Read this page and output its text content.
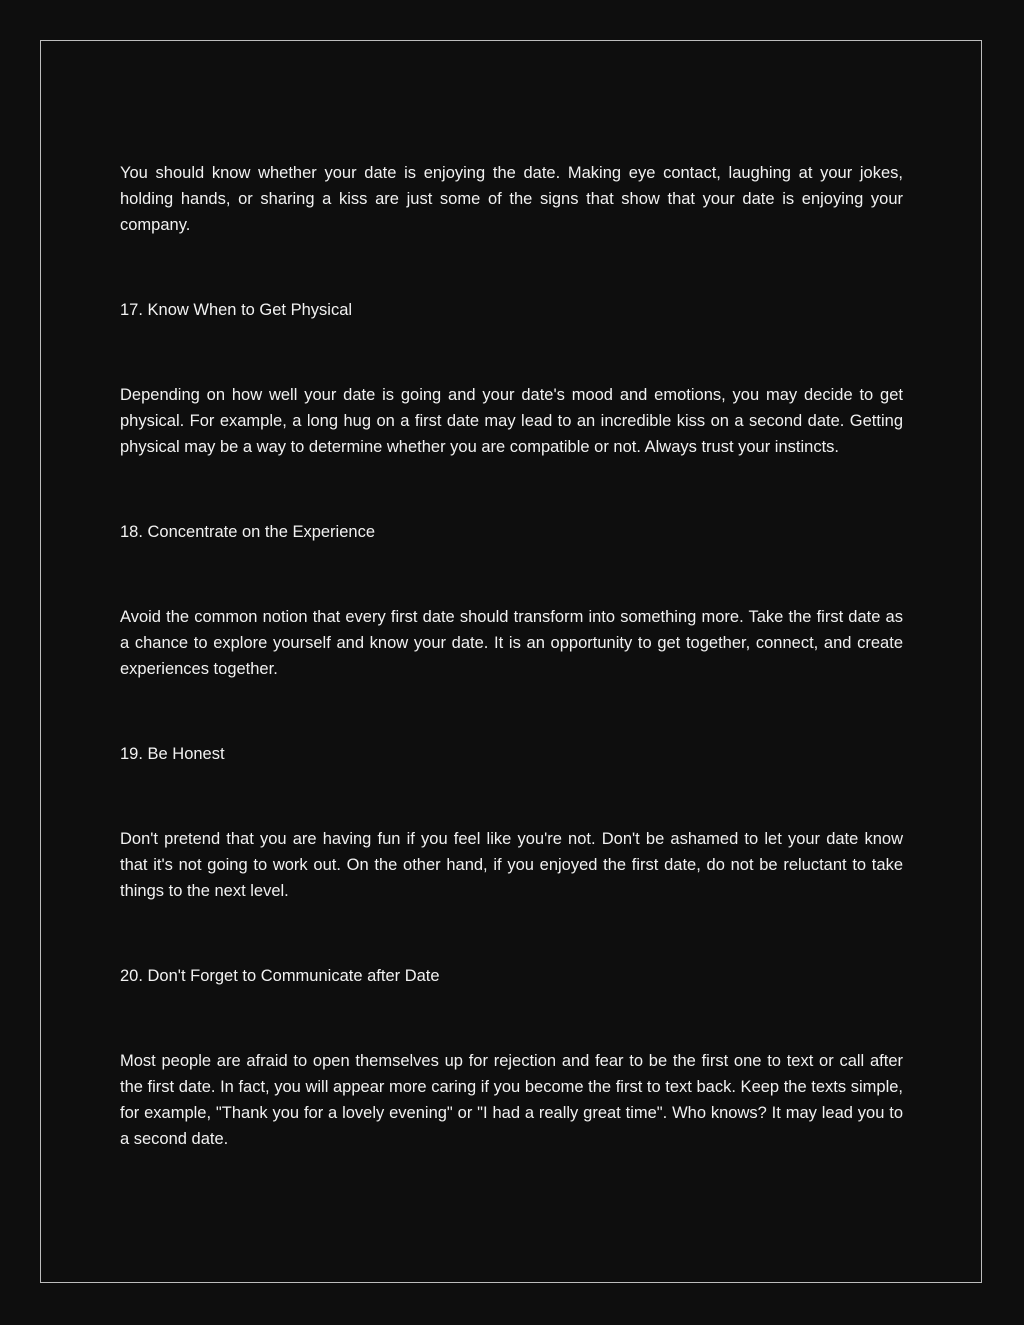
You should know whether your date is enjoying the date. Making eye contact, laughing at your jokes, holding hands, or sharing a kiss are just some of the signs that show that your date is enjoying your company.

17. Know When to Get Physical

Depending on how well your date is going and your date's mood and emotions, you may decide to get physical. For example, a long hug on a first date may lead to an incredible kiss on a second date. Getting physical may be a way to determine whether you are compatible or not. Always trust your instincts.

18. Concentrate on the Experience

Avoid the common notion that every first date should transform into something more. Take the first date as a chance to explore yourself and know your date. It is an opportunity to get together, connect, and create experiences together.

19. Be Honest

Don't pretend that you are having fun if you feel like you're not. Don't be ashamed to let your date know that it's not going to work out. On the other hand, if you enjoyed the first date, do not be reluctant to take things to the next level.

20. Don't Forget to Communicate after Date

Most people are afraid to open themselves up for rejection and fear to be the first one to text or call after the first date. In fact, you will appear more caring if you become the first to text back. Keep the texts simple, for example, "Thank you for a lovely evening" or "I had a really great time". Who knows? It may lead you to a second date.
